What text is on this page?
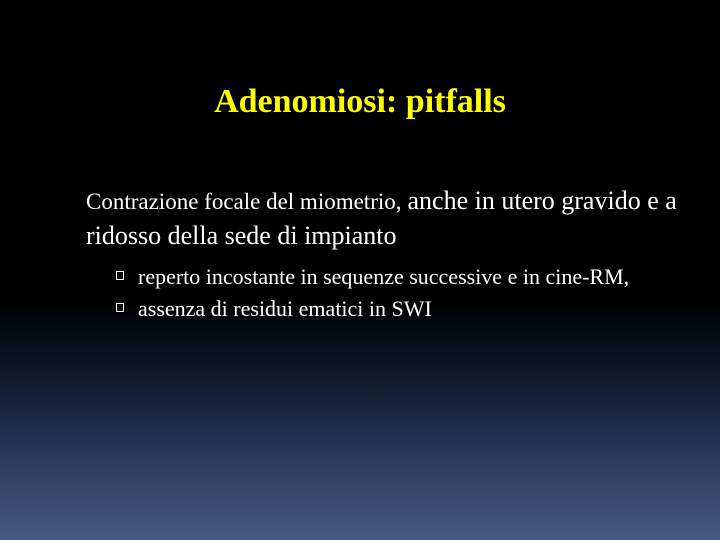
Adenomiosi: pitfalls
Contrazione focale del miometrio, anche in utero gravido e a ridosso della sede di impianto
reperto incostante in sequenze successive e in cine-RM,
assenza di residui ematici in SWI
